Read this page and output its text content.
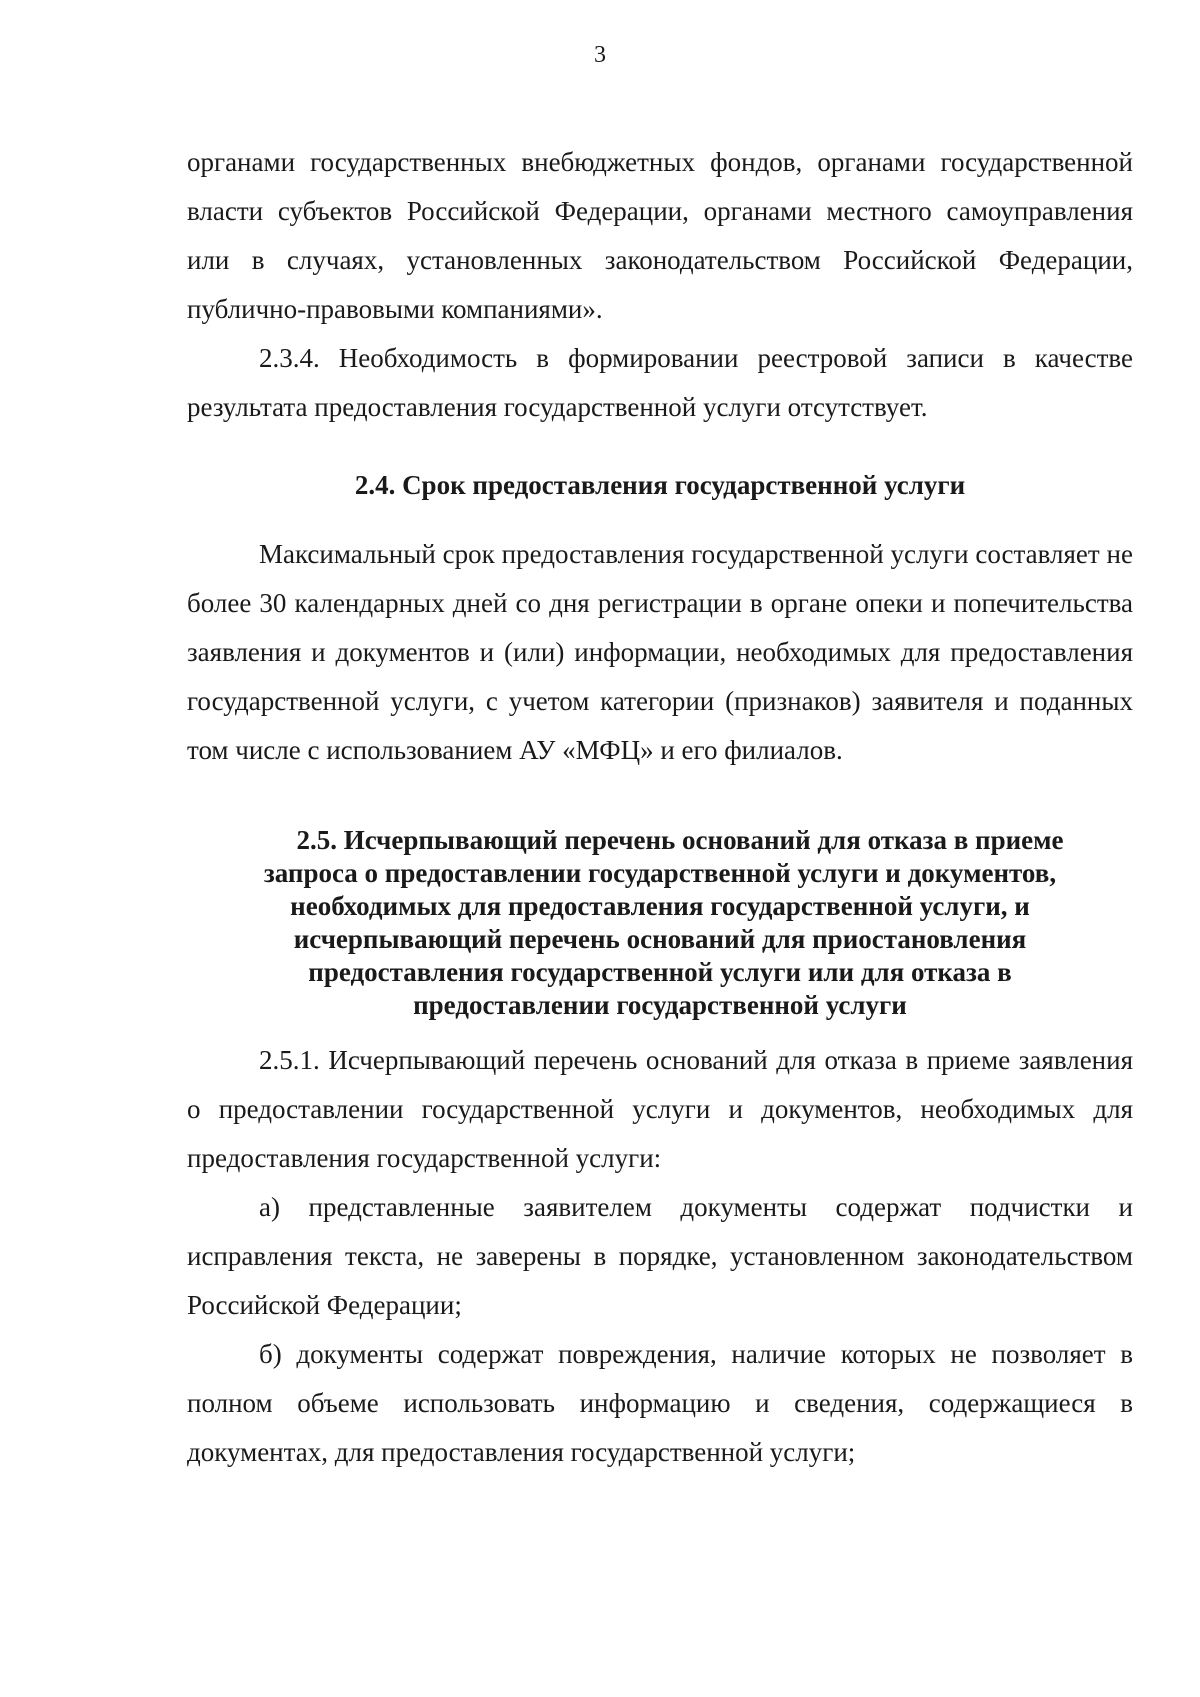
3

органами государственных внебюджетных фондов, органами государственной власти субъектов Российской Федерации, органами местного самоуправления или в случаях, установленных законодательством Российской Федерации, публично-правовыми компаниями».

2.3.4. Необходимость в формировании реестровой записи в качестве результата предоставления государственной услуги отсутствует.

2.4. Срок предоставления государственной услуги

Максимальный срок предоставления государственной услуги составляет не более 30 календарных дней со дня регистрации в органе опеки и попечительства заявления и документов и (или) информации, необходимых для предоставления государственной услуги, с учетом категории (признаков) заявителя и поданных том числе с использованием АУ «МФЦ» и его филиалов.

2.5. Исчерпывающий перечень оснований для отказа в приеме
запроса о предоставлении государственной услуги и документов,
необходимых для предоставления государственной услуги, и
исчерпывающий перечень оснований для приостановления
предоставления государственной услуги или для отказа в
предоставлении государственной услуги

2.5.1. Исчерпывающий перечень оснований для отказа в приеме заявления о предоставлении государственной услуги и документов, необходимых для предоставления государственной услуги:

а) представленные заявителем документы содержат подчистки и исправления текста, не заверены в порядке, установленном законодательством Российской Федерации;

б) документы содержат повреждения, наличие которых не позволяет в полном объеме использовать информацию и сведения, содержащиеся в документах, для предоставления государственной услуги;
